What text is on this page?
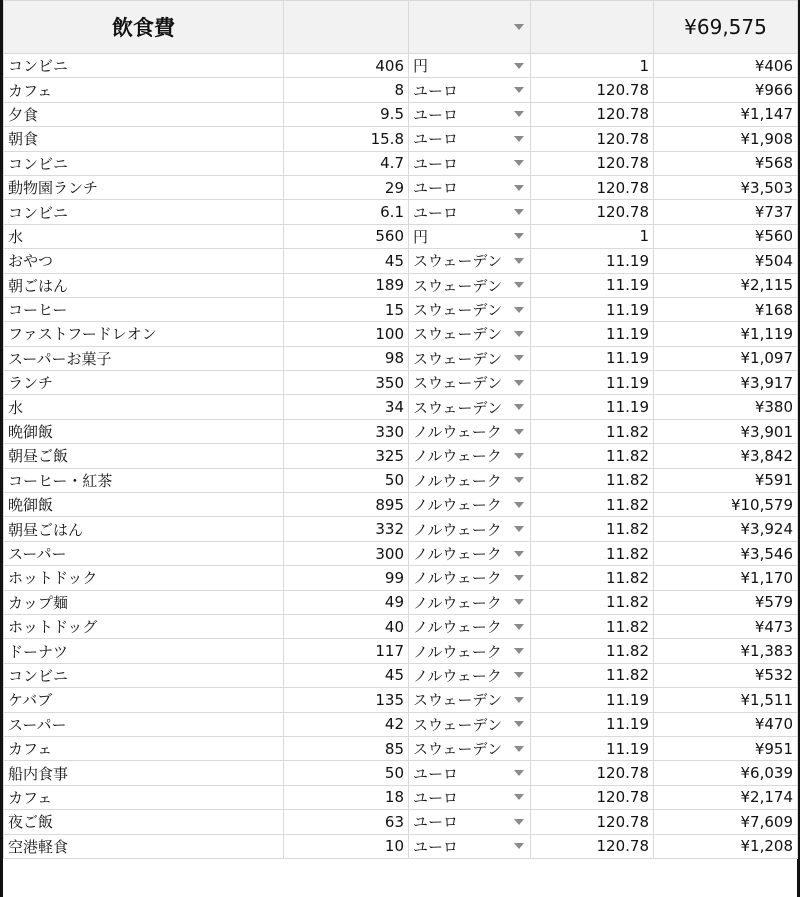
飲食費				¥69,575
コンビニ	406	円	1	¥406
カフェ	8	ユーロ	120.78	¥966
夕食	9.5	ユーロ	120.78	¥1,147
朝食	15.8	ユーロ	120.78	¥1,908
コンビニ	4.7	ユーロ	120.78	¥568
動物園ランチ	29	ユーロ	120.78	¥3,503
コンビニ	6.1	ユーロ	120.78	¥737
水	560	円	1	¥560
おやつ	45	スウェーデン	11.19	¥504
朝ごはん	189	スウェーデン	11.19	¥2,115
コーヒー	15	スウェーデン	11.19	¥168
ファストフードレオン	100	スウェーデン	11.19	¥1,119
スーパーお菓子	98	スウェーデン	11.19	¥1,097
ランチ	350	スウェーデン	11.19	¥3,917
水	34	スウェーデン	11.19	¥380
晩御飯	330	ノルウェーク	11.82	¥3,901
朝昼ご飯	325	ノルウェーク	11.82	¥3,842
コーヒー・紅茶	50	ノルウェーク	11.82	¥591
晩御飯	895	ノルウェーク	11.82	¥10,579
朝昼ごはん	332	ノルウェーク	11.82	¥3,924
スーパー	300	ノルウェーク	11.82	¥3,546
ホットドック	99	ノルウェーク	11.82	¥1,170
カップ麺	49	ノルウェーク	11.82	¥579
ホットドッグ	40	ノルウェーク	11.82	¥473
ドーナツ	117	ノルウェーク	11.82	¥1,383
コンビニ	45	ノルウェーク	11.82	¥532
ケバブ	135	スウェーデン	11.19	¥1,511
スーパー	42	スウェーデン	11.19	¥470
カフェ	85	スウェーデン	11.19	¥951
船内食事	50	ユーロ	120.78	¥6,039
カフェ	18	ユーロ	120.78	¥2,174
夜ご飯	63	ユーロ	120.78	¥7,609
空港軽食	10	ユーロ	120.78	¥1,208
